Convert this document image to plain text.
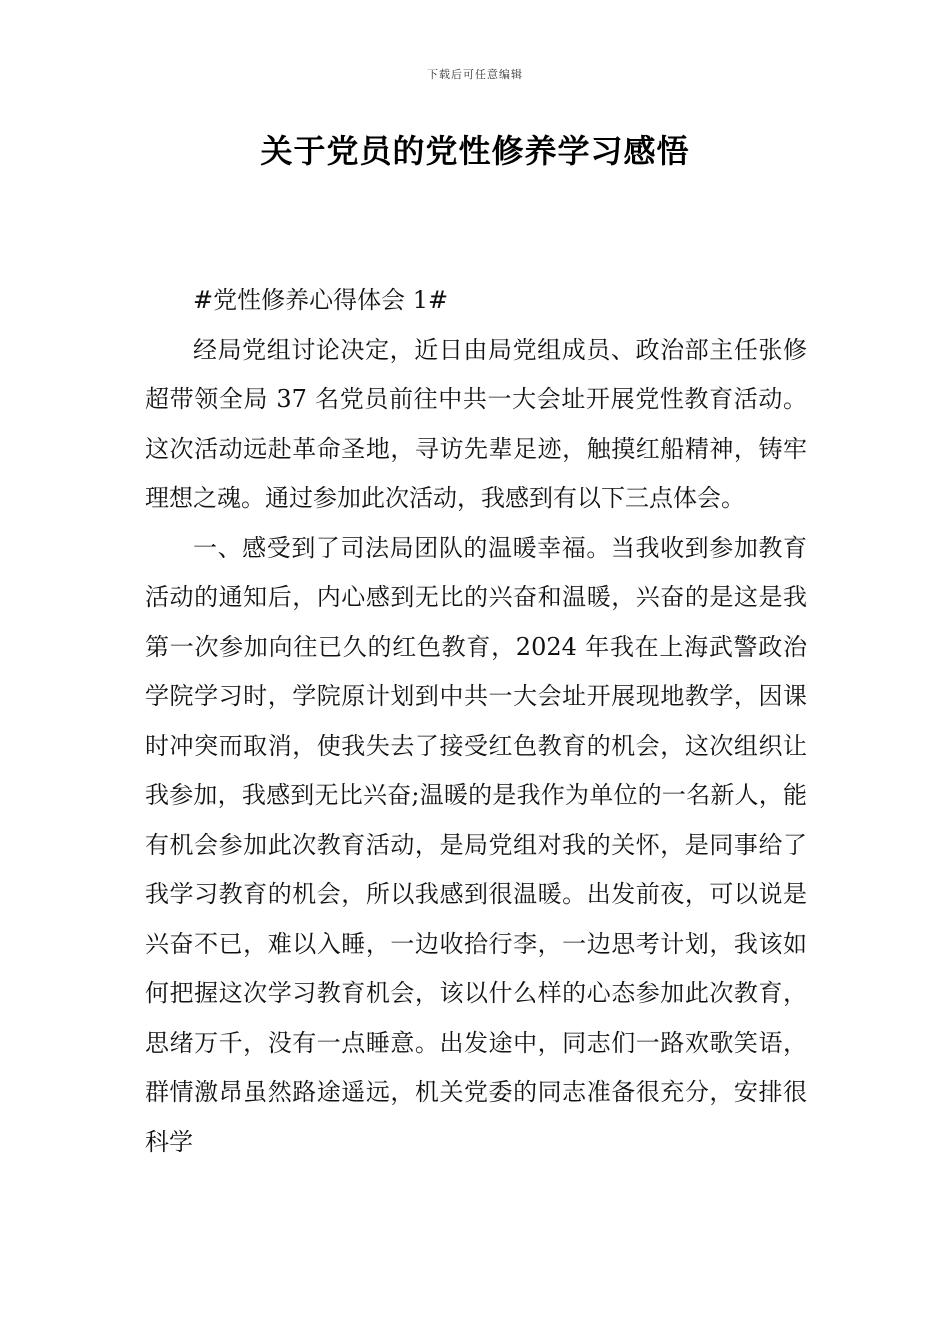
下载后可任意编辑
关于党员的党性修养学习感悟

#党性修养心得体会 1#

经局党组讨论决定，近日由局党组成员、政治部主任张修超带领全局 37 名党员前往中共一大会址开展党性教育活动。这次活动远赴革命圣地，寻访先辈足迹，触摸红船精神，铸牢理想之魂。通过参加此次活动，我感到有以下三点体会。

一、感受到了司法局团队的温暖幸福。当我收到参加教育活动的通知后，内心感到无比的兴奋和温暖，兴奋的是这是我第一次参加向往已久的红色教育，2024 年我在上海武警政治学院学习时，学院原计划到中共一大会址开展现地教学，因课时冲突而取消，使我失去了接受红色教育的机会，这次组织让我参加，我感到无比兴奋;温暖的是我作为单位的一名新人，能有机会参加此次教育活动，是局党组对我的关怀，是同事给了我学习教育的机会，所以我感到很温暖。出发前夜，可以说是兴奋不已，难以入睡，一边收拾行李，一边思考计划，我该如何把握这次学习教育机会，该以什么样的心态参加此次教育，思绪万千，没有一点睡意。出发途中，同志们一路欢歌笑语，群情激昂虽然路途遥远，机关党委的同志准备很充分，安排很科学
